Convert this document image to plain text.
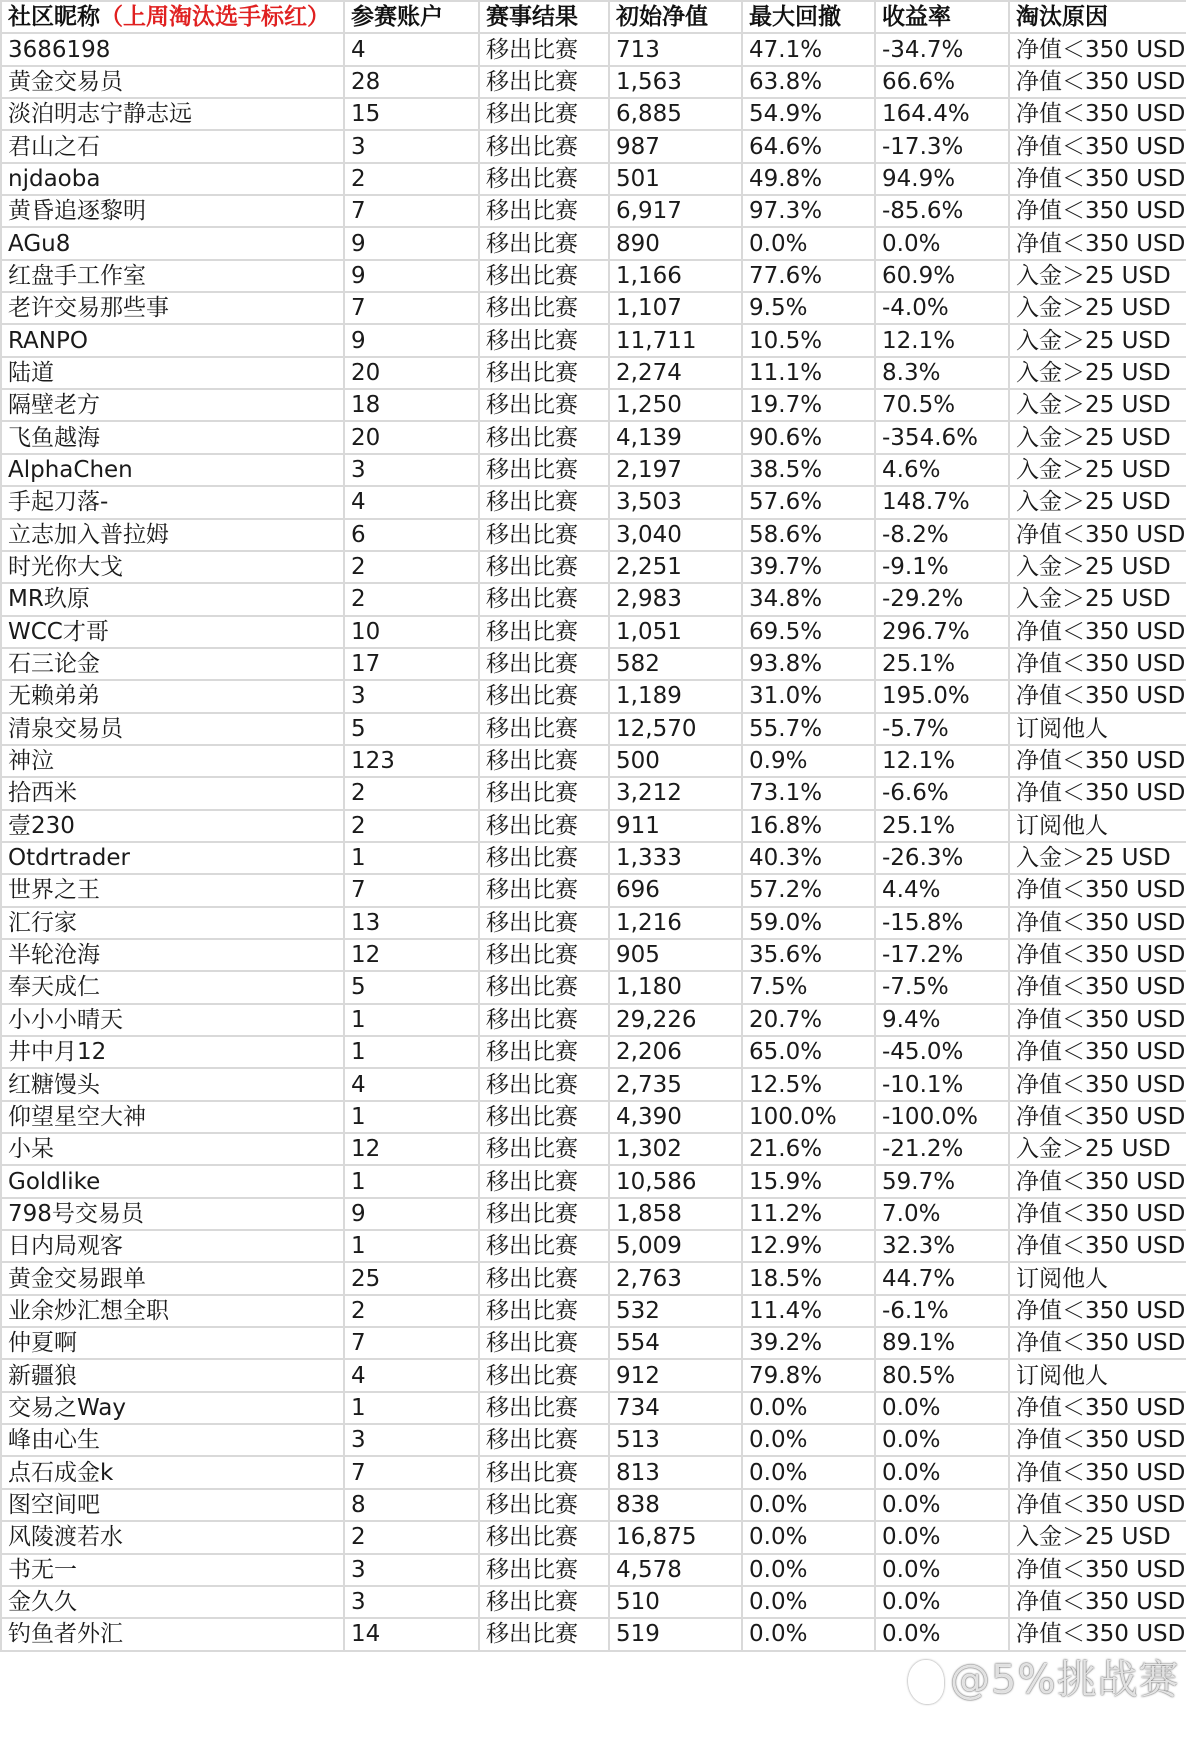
社区昵称（上周淘汰选手标红）	参赛账户	赛事结果	初始净值	最大回撤	收益率	淘汰原因
3686198	4	移出比赛	713	47.1%	-34.7%	净值＜350 USD
黄金交易员	28	移出比赛	1,563	63.8%	66.6%	净值＜350 USD
淡泊明志宁静志远	15	移出比赛	6,885	54.9%	164.4%	净值＜350 USD
君山之石	3	移出比赛	987	64.6%	-17.3%	净值＜350 USD
njdaoba	2	移出比赛	501	49.8%	94.9%	净值＜350 USD
黄昏追逐黎明	7	移出比赛	6,917	97.3%	-85.6%	净值＜350 USD
AGu8	9	移出比赛	890	0.0%	0.0%	净值＜350 USD
红盘手工作室	9	移出比赛	1,166	77.6%	60.9%	入金＞25 USD
老许交易那些事	7	移出比赛	1,107	9.5%	-4.0%	入金＞25 USD
RANPO	9	移出比赛	11,711	10.5%	12.1%	入金＞25 USD
陆道	20	移出比赛	2,274	11.1%	8.3%	入金＞25 USD
隔壁老方	18	移出比赛	1,250	19.7%	70.5%	入金＞25 USD
飞鱼越海	20	移出比赛	4,139	90.6%	-354.6%	入金＞25 USD
AlphaChen	3	移出比赛	2,197	38.5%	4.6%	入金＞25 USD
手起刀落-	4	移出比赛	3,503	57.6%	148.7%	入金＞25 USD
立志加入普拉姆	6	移出比赛	3,040	58.6%	-8.2%	净值＜350 USD
时光你大戈	2	移出比赛	2,251	39.7%	-9.1%	入金＞25 USD
MR玖原	2	移出比赛	2,983	34.8%	-29.2%	入金＞25 USD
WCC才哥	10	移出比赛	1,051	69.5%	296.7%	净值＜350 USD
石三论金	17	移出比赛	582	93.8%	25.1%	净值＜350 USD
无赖弟弟	3	移出比赛	1,189	31.0%	195.0%	净值＜350 USD
清泉交易员	5	移出比赛	12,570	55.7%	-5.7%	订阅他人
神泣	123	移出比赛	500	0.9%	12.1%	净值＜350 USD
拾西米	2	移出比赛	3,212	73.1%	-6.6%	净值＜350 USD
壹230	2	移出比赛	911	16.8%	25.1%	订阅他人
Otdrtrader	1	移出比赛	1,333	40.3%	-26.3%	入金＞25 USD
世界之王	7	移出比赛	696	57.2%	4.4%	净值＜350 USD
汇行家	13	移出比赛	1,216	59.0%	-15.8%	净值＜350 USD
半轮沧海	12	移出比赛	905	35.6%	-17.2%	净值＜350 USD
奉天成仁	5	移出比赛	1,180	7.5%	-7.5%	净值＜350 USD
小小小晴天	1	移出比赛	29,226	20.7%	9.4%	净值＜350 USD
井中月12	1	移出比赛	2,206	65.0%	-45.0%	净值＜350 USD
红糖馒头	4	移出比赛	2,735	12.5%	-10.1%	净值＜350 USD
仰望星空大神	1	移出比赛	4,390	100.0%	-100.0%	净值＜350 USD
小呆	12	移出比赛	1,302	21.6%	-21.2%	入金＞25 USD
Goldlike	1	移出比赛	10,586	15.9%	59.7%	净值＜350 USD
798号交易员	9	移出比赛	1,858	11.2%	7.0%	净值＜350 USD
日内局观客	1	移出比赛	5,009	12.9%	32.3%	净值＜350 USD
黄金交易跟单	25	移出比赛	2,763	18.5%	44.7%	订阅他人
业余炒汇想全职	2	移出比赛	532	11.4%	-6.1%	净值＜350 USD
仲夏啊	7	移出比赛	554	39.2%	89.1%	净值＜350 USD
新疆狼	4	移出比赛	912	79.8%	80.5%	订阅他人
交易之Way	1	移出比赛	734	0.0%	0.0%	净值＜350 USD
峰由心生	3	移出比赛	513	0.0%	0.0%	净值＜350 USD
点石成金k	7	移出比赛	813	0.0%	0.0%	净值＜350 USD
图空间吧	8	移出比赛	838	0.0%	0.0%	净值＜350 USD
风陵渡若水	2	移出比赛	16,875	0.0%	0.0%	入金＞25 USD
书无一	3	移出比赛	4,578	0.0%	0.0%	净值＜350 USD
金久久	3	移出比赛	510	0.0%	0.0%	净值＜350 USD
钓鱼者外汇	14	移出比赛	519	0.0%	0.0%	净值＜350 USD
@5%挑战赛
